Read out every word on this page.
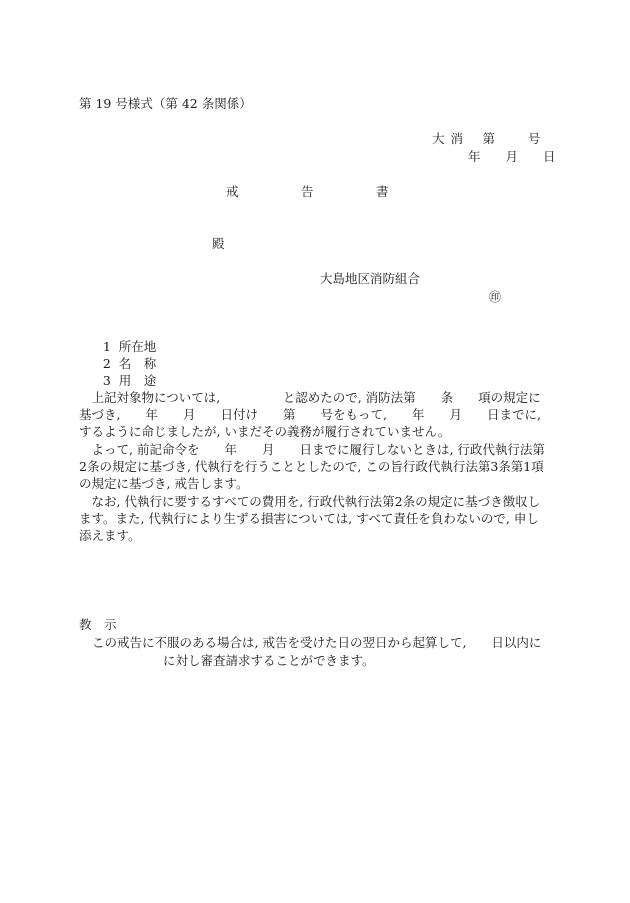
第 19 号様式（第 42 条関係）
大 消　 第　　 号
年　　月　　日
戒　　　　　告　　　　　書
殿
大島地区消防組合
㊞

1 所在地

2 名　称

3 用　途

　上記対象物については,　　　　　と認めたので, 消防法第　　条　　項の規定に基づき,　　年　　月　　日付け　　第　　号をもって,　　年　　月　　日までに,　　　　　するように命じましたが, いまだその義務が履行されていません。
　よって, 前記命令を　　年　　月　　日までに履行しないときは, 行政代執行法第2条の規定に基づき, 代執行を行うこととしたので, この旨行政代執行法第3条第1項の規定に基づき, 戒告します。
　なお, 代執行に要するすべての費用を, 行政代執行法第2条の規定に基づき徴収します。また, 代執行により生ずる損害については, すべて責任を負わないので, 申し添えます。
教　示
この戒告に不服のある場合は, 戒告を受けた日の翌日から起算して,　　日以内に
に対し審査請求することができます。
